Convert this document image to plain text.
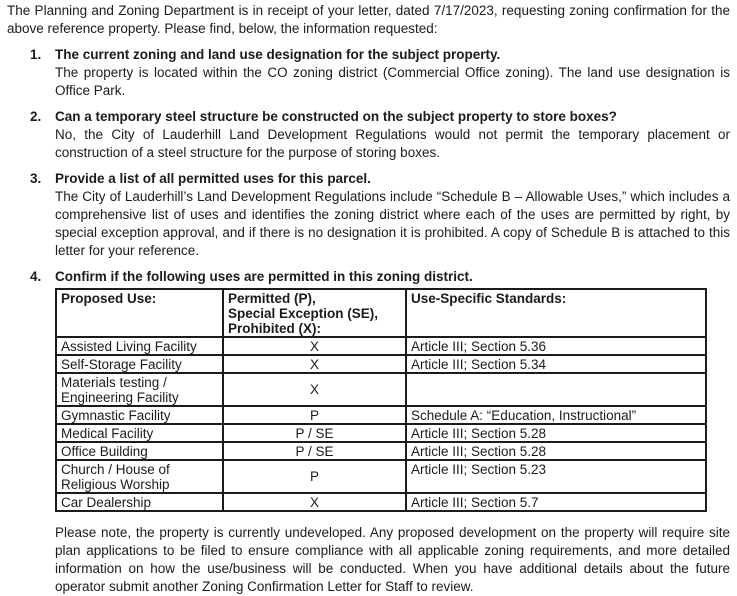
The Planning and Zoning Department is in receipt of your letter, dated 7/17/2023, requesting zoning confirmation for the above reference property. Please find, below, the information requested:

1. The current zoning and land use designation for the subject property.
The property is located within the CO zoning district (Commercial Office zoning). The land use designation is Office Park.
2. Can a temporary steel structure be constructed on the subject property to store boxes?
No, the City of Lauderhill Land Development Regulations would not permit the temporary placement or construction of a steel structure for the purpose of storing boxes.
3. Provide a list of all permitted uses for this parcel.
The City of Lauderhill’s Land Development Regulations include “Schedule B – Allowable Uses,” which includes a comprehensive list of uses and identifies the zoning district where each of the uses are permitted by right, by special exception approval, and if there is no designation it is prohibited. A copy of Schedule B is attached to this letter for your reference.
4. Confirm if the following uses are permitted in this zoning district.
Proposed Use:	Permitted (P),
Special Exception (SE),
Prohibited (X):	Use-Specific Standards:
Assisted Living Facility	X	Article III; Section 5.36
Self-Storage Facility	X	Article III; Section 5.34
Materials testing / Engineering Facility	X	
Gymnastic Facility	P	Schedule A: “Education, Instructional”
Medical Facility	P / SE	Article III; Section 5.28
Office Building	P / SE	Article III; Section 5.28
Church / House of Religious Worship	P	Article III; Section 5.23
Car Dealership	X	Article III; Section 5.7

Please note, the property is currently undeveloped. Any proposed development on the property will require site plan applications to be filed to ensure compliance with all applicable zoning requirements, and more detailed information on how the use/business will be conducted. When you have additional details about the future operator submit another Zoning Confirmation Letter for Staff to review.
